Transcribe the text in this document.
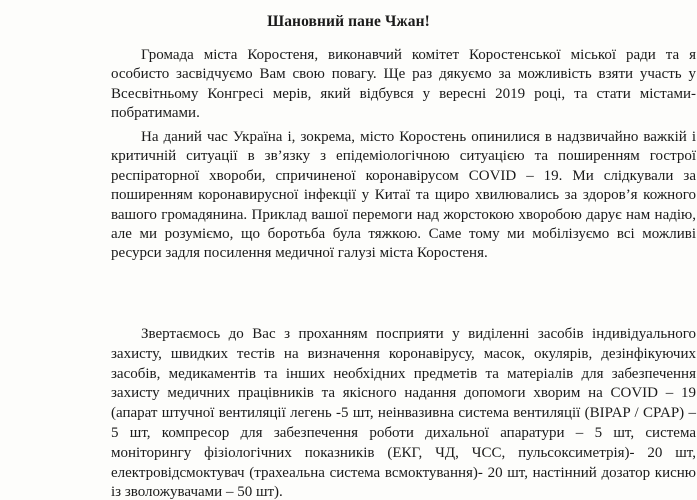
Шановний пане Чжан!

Громада міста Коростеня, виконавчий комітет Коростенської міської ради та я особисто засвідчуємо Вам свою повагу. Ще раз дякуємо за можливість взяти участь у Всесвітньому Конгресі мерів, який відбувся у вересні 2019 році, та стати містами-побратимами.

На даний час Україна і, зокрема, місто Коростень опинилися в надзвичайно важкій і критичній ситуації в зв’язку з епідеміологічною ситуацією та поширенням гострої респіраторної хвороби, спричиненої коронавірусом COVID – 19. Ми слідкували за поширенням коронавирусної інфекції у Китаї та щиро хвилювались за здоров’я кожного вашого громадянина. Приклад вашої перемоги над жорстокою хворобою дарує нам надію, але ми розуміємо, що боротьба була тяжкою. Саме тому ми мобілізуємо всі можливі ресурси задля посилення медичної галузі міста Коростеня.

Звертаємось до Вас з проханням посприяти у виділенні засобів індивідуального захисту, швидких тестів на визначення коронавірусу, масок, окулярів, дезінфікуючих засобів, медикаментів та інших необхідних предметів та матеріалів для забезпечення захисту медичних працівників та якісного надання допомоги хворим на COVID – 19 (апарат штучної вентиляції легень -5 шт, неінвазивна система вентиляції (BIPAP / CPAP) – 5 шт, компресор для забезпечення роботи дихальної апаратури – 5 шт, система моніторингу фізіологічних показників (ЕКГ, ЧД, ЧСС, пульсоксиметрія)- 20 шт, електровідсмоктувач (трахеальна система всмоктування)- 20 шт, настінний дозатор кисню із зволожувачами – 50 шт).
